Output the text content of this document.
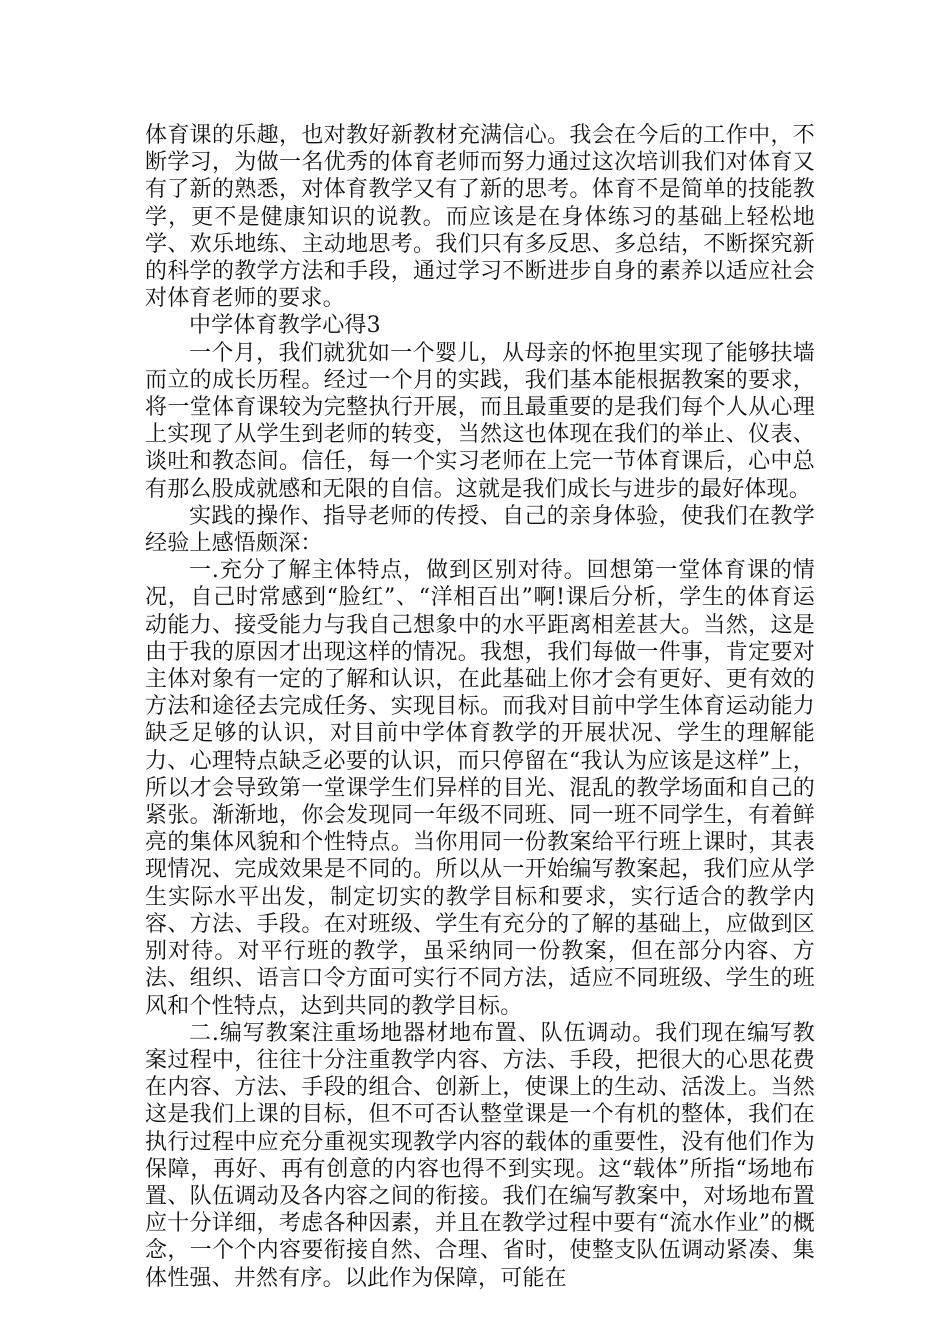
体育课的乐趣，也对教好新教材充满信心。我会在今后的工作中，不断学习，为做一名优秀的体育老师而努力通过这次培训我们对体育又有了新的熟悉，对体育教学又有了新的思考。体育不是简单的技能教学，更不是健康知识的说教。而应该是在身体练习的基础上轻松地学、欢乐地练、主动地思考。我们只有多反思、多总结，不断探究新的科学的教学方法和手段，通过学习不断进步自身的素养以适应社会对体育老师的要求。

中学体育教学心得3

一个月，我们就犹如一个婴儿，从母亲的怀抱里实现了能够扶墙而立的成长历程。经过一个月的实践，我们基本能根据教案的要求，将一堂体育课较为完整执行开展，而且最重要的是我们每个人从心理上实现了从学生到老师的转变，当然这也体现在我们的举止、仪表、谈吐和教态间。信任，每一个实习老师在上完一节体育课后，心中总有那么股成就感和无限的自信。这就是我们成长与进步的最好体现。

实践的操作、指导老师的传授、自己的亲身体验，使我们在教学经验上感悟颇深：

一.充分了解主体特点，做到区别对待。回想第一堂体育课的情况，自己时常感到“脸红”、“洋相百出”啊!课后分析，学生的体育运动能力、接受能力与我自己想象中的水平距离相差甚大。当然，这是由于我的原因才出现这样的情况。我想，我们每做一件事，肯定要对主体对象有一定的了解和认识，在此基础上你才会有更好、更有效的方法和途径去完成任务、实现目标。而我对目前中学生体育运动能力缺乏足够的认识，对目前中学体育教学的开展状况、学生的理解能力、心理特点缺乏必要的认识，而只停留在“我认为应该是这样”上，所以才会导致第一堂课学生们异样的目光、混乱的教学场面和自己的紧张。渐渐地，你会发现同一年级不同班、同一班不同学生，有着鲜亮的集体风貌和个性特点。当你用同一份教案给平行班上课时，其表现情况、完成效果是不同的。所以从一开始编写教案起，我们应从学生实际水平出发，制定切实的教学目标和要求，实行适合的教学内容、方法、手段。在对班级、学生有充分的了解的基础上，应做到区别对待。对平行班的教学，虽采纳同一份教案，但在部分内容、方法、组织、语言口令方面可实行不同方法，适应不同班级、学生的班风和个性特点，达到共同的教学目标。

二.编写教案注重场地器材地布置、队伍调动。我们现在编写教案过程中，往往十分注重教学内容、方法、手段，把很大的心思花费在内容、方法、手段的组合、创新上，使课上的生动、活泼上。当然这是我们上课的目标，但不可否认整堂课是一个有机的整体，我们在执行过程中应充分重视实现教学内容的载体的重要性，没有他们作为保障，再好、再有创意的内容也得不到实现。这“载体”所指“场地布置、队伍调动及各内容之间的衔接。我们在编写教案中，对场地布置应十分详细，考虑各种因素，并且在教学过程中要有“流水作业”的概念，一个个内容要衔接自然、合理、省时，使整支队伍调动紧凑、集体性强、井然有序。以此作为保障，可能在
